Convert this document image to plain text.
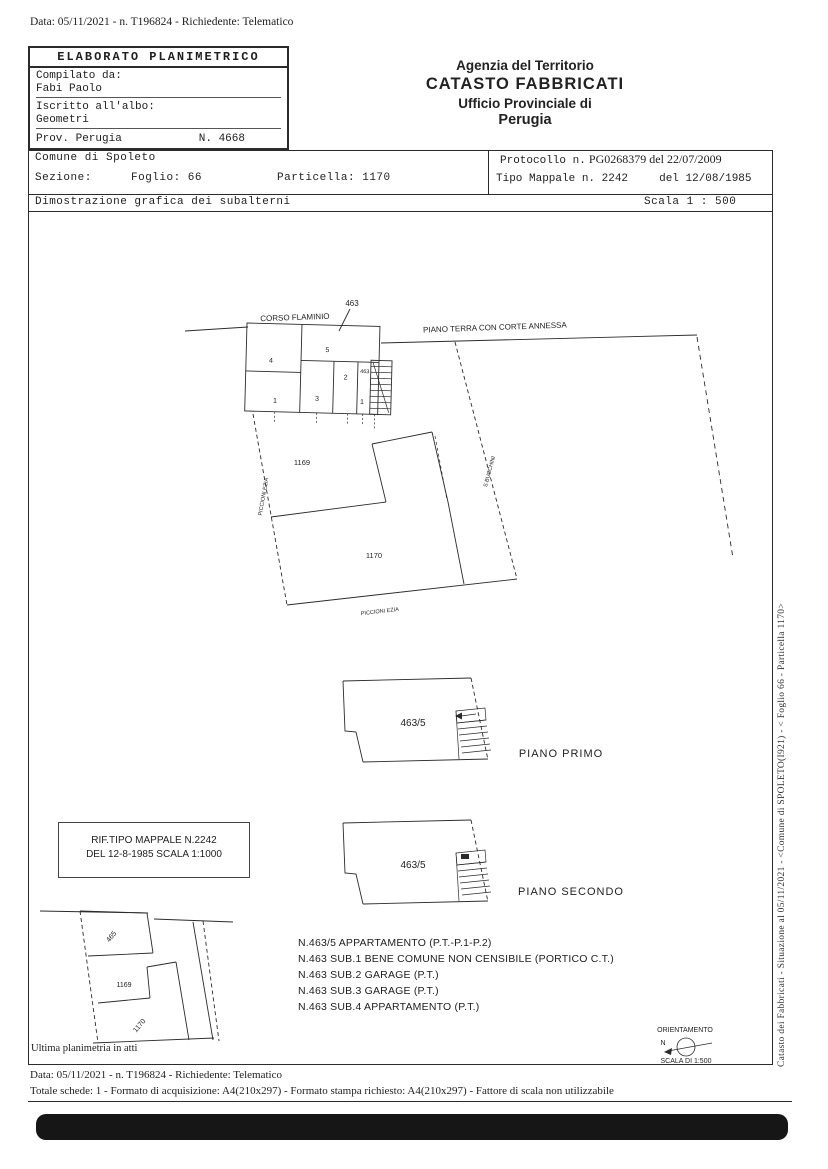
Data: 05/11/2021 - n. T196824 - Richiedente: Telematico
ELABORATO PLANIMETRICO
Compilato da:
Fabi Paolo
Iscritto all'albo:
Geometri
Prov. Perugia	N. 4668
Agenzia del Territorio
CATASTO FABBRICATI
Ufficio Provinciale di
Perugia
Comune di Spoleto
Sezione:	Foglio: 66	Particella: 1170
Protocollo n. PG0268379 del 22/07/2009
Tipo Mappale n. 2242	del 12/08/1985
Dimostrazione grafica dei subalterni	Scala 1 : 500
CORSO FLAMINIO
463
PIANO TERRA CON CORTE ANNESSA
4
5
2
3
1	1
463
1169
1170
PICCIONI EZIA
PICCIONI EZIA
S.BUCCHINI
463/5
PIANO PRIMO
463/5
PIANO SECONDO
465
1169
1170	ORIENTAMENTO
N
SCALA DI 1:500
RIF.TIPO MAPPALE N.2242
DEL 12-8-1985 SCALA 1:1000
N.463/5 APPARTAMENTO (P.T.-P.1-P.2)
N.463 SUB.1 BENE COMUNE NON CENSIBILE (PORTICO C.T.)
N.463 SUB.2 GARAGE (P.T.)
N.463 SUB.3 GARAGE (P.T.)
N.463 SUB.4 APPARTAMENTO (P.T.)
Ultima planimetria in atti	Catasto dei Fabbricati - Situazione al 05/11/2021 - <Comune di SPOLETO(I921) - < Foglio 66 - Particella 1170>
Data: 05/11/2021 - n. T196824 - Richiedente: Telematico
Totale schede: 1 - Formato di acquisizione: A4(210x297) - Formato stampa richiesto: A4(210x297) - Fattore di scala non utilizzabile
